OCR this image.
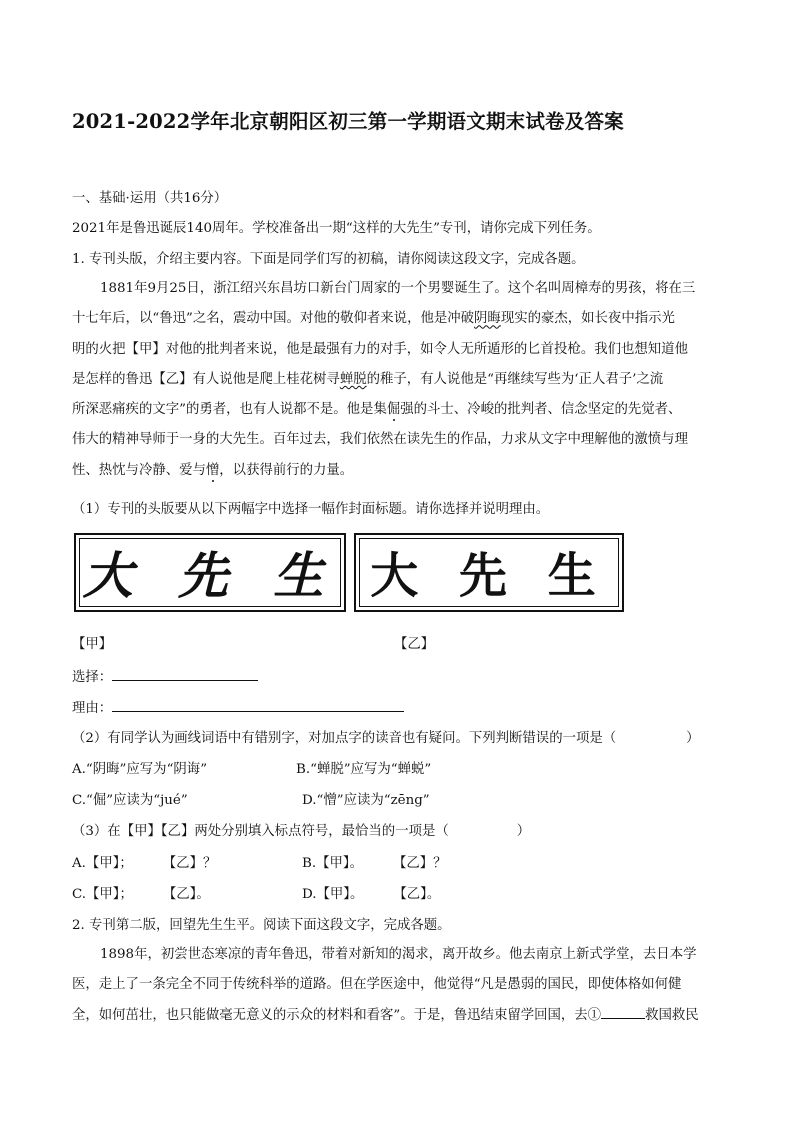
2021-2022学年北京朝阳区初三第一学期语文期末试卷及答案
一、基础·运用（共16分）
2021年是鲁迅诞辰140周年。学校准备出一期“这样的大先生”专刊，请你完成下列任务。
1. 专刊头版，介绍主要内容。下面是同学们写的初稿，请你阅读这段文字，完成各题。
1881年9月25日，浙江绍兴东昌坊口新台门周家的一个男婴诞生了。这个名叫周樟寿的男孩，将在三
十七年后，以“鲁迅”之名，震动中国。对他的敬仰者来说，他是冲破阴晦现实的豪杰，如长夜中指示光
明的火把【甲】对他的批判者来说，他是最强有力的对手，如令人无所遁形的匕首投枪。我们也想知道他
是怎样的鲁迅【乙】有人说他是爬上桂花树寻蝉脱的稚子，有人说他是“再继续写些为‘正人君子’之流
所深恶痛疾的文字”的勇者，也有人说都不是。他是集倔强的斗士、冷峻的批判者、信念坚定的先觉者、
伟大的精神导师于一身的大先生。百年过去，我们依然在读先生的作品，力求从文字中理解他的激愤与理
性、热忱与冷静、爱与憎，以获得前行的力量。
（1）专刊的头版要从以下两幅字中选择一幅作封面标题。请你选择并说明理由。
大 先 生 大 先 生
【甲】	【乙】
选择：
理由：
（2）有同学认为画线词语中有错别字，对加点字的读音也有疑问。下列判断错误的一项是（	）
A.“阴晦”应写为“阴诲”	B.“蝉脱”应写为“蝉蜕”
C.“倔”应读为“jué”	D.“憎”应读为“zēng”
（3）在【甲】【乙】两处分别填入标点符号，最恰当的一项是（	）
A.【甲】； 【乙】？	B.【甲】。 【乙】？
C.【甲】； 【乙】。	D.【甲】。 【乙】。
2. 专刊第二版，回望先生生平。阅读下面这段文字，完成各题。
1898年，初尝世态寒凉的青年鲁迅，带着对新知的渴求，离开故乡。他去南京上新式学堂，去日本学
医，走上了一条完全不同于传统科举的道路。但在学医途中，他觉得“凡是愚弱的国民，即使体格如何健
全，如何茁壮，也只能做毫无意义的示众的材料和看客”。于是，鲁迅结束留学回国，去①	救国救民
